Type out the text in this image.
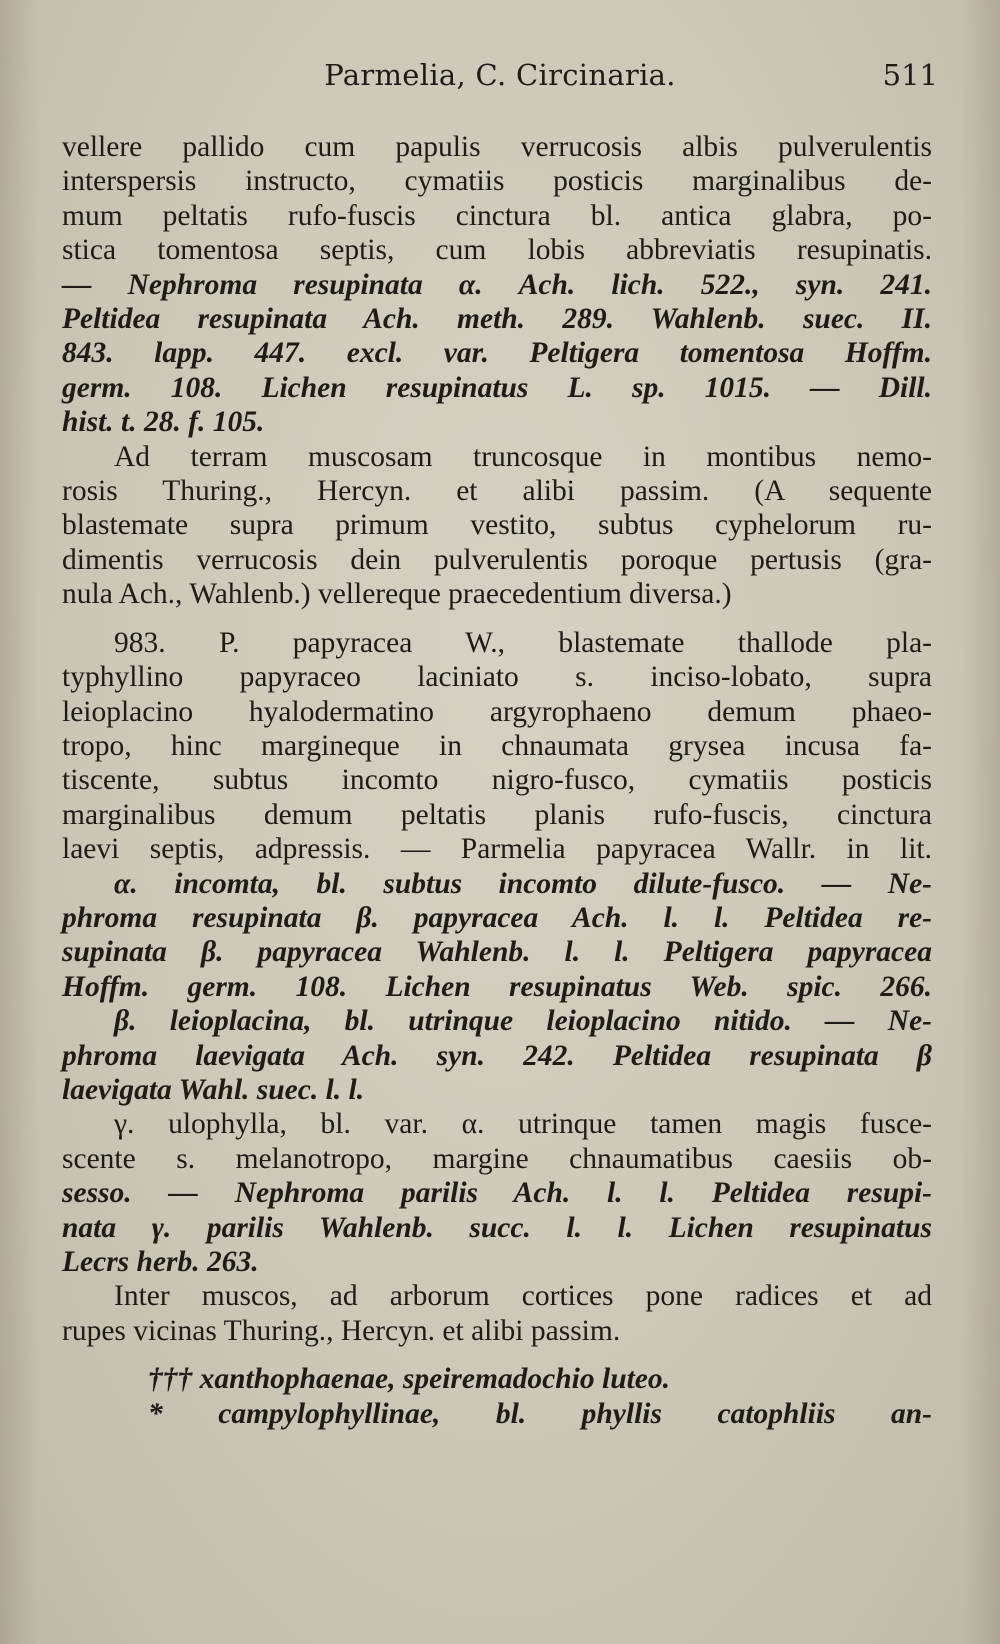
Parmelia, C. Circinaria.	511
vellere pallido cum papulis verrucosis albis pulverulentis
interspersis instructo, cymatiis posticis marginalibus de-
mum peltatis rufo-fuscis cinctura bl. antica glabra, po-
stica tomentosa septis, cum lobis abbreviatis resupinatis.
— Nephroma resupinata α. Ach. lich. 522., syn. 241.
Peltidea resupinata Ach. meth. 289. Wahlenb. suec. II.
843. lapp. 447. excl. var. Peltigera tomentosa Hoffm.
germ. 108. Lichen resupinatus L. sp. 1015. — Dill.
hist. t. 28. f. 105.
Ad terram muscosam truncosque in montibus nemo-
rosis Thuring., Hercyn. et alibi passim. (A sequente
blastemate supra primum vestito, subtus cyphelorum ru-
dimentis verrucosis dein pulverulentis poroque pertusis (gra-
nula Ach., Wahlenb.) vellereque praecedentium diversa.)
983. P. papyracea W., blastemate thallode pla-
typhyllino papyraceo laciniato s. inciso-lobato, supra
leioplacino hyalodermatino argyrophaeno demum phaeo-
tropo, hinc margineque in chnaumata grysea incusa fa-
tiscente, subtus incomto nigro-fusco, cymatiis posticis
marginalibus demum peltatis planis rufo-fuscis, cinctura
laevi septis, adpressis. — Parmelia papyracea Wallr. in lit.
α. incomta, bl. subtus incomto dilute-fusco. — Ne-
phroma resupinata β. papyracea Ach. l. l. Peltidea re-
supinata β. papyracea Wahlenb. l. l. Peltigera papyracea
Hoffm. germ. 108. Lichen resupinatus Web. spic. 266.
β. leioplacina, bl. utrinque leioplacino nitido. — Ne-
phroma laevigata Ach. syn. 242. Peltidea resupinata β
laevigata Wahl. suec. l. l.
γ. ulophylla, bl. var. α. utrinque tamen magis fusce-
scente s. melanotropo, margine chnaumatibus caesiis ob-
sesso. — Nephroma parilis Ach. l. l. Peltidea resupi-
nata γ. parilis Wahlenb. succ. l. l. Lichen resupinatus
Lecrs herb. 263.
Inter muscos, ad arborum cortices pone radices et ad
rupes vicinas Thuring., Hercyn. et alibi passim.
††† xanthophaenae, speiremadochio luteo.
* campylophyllinae, bl. phyllis catophliis an-
